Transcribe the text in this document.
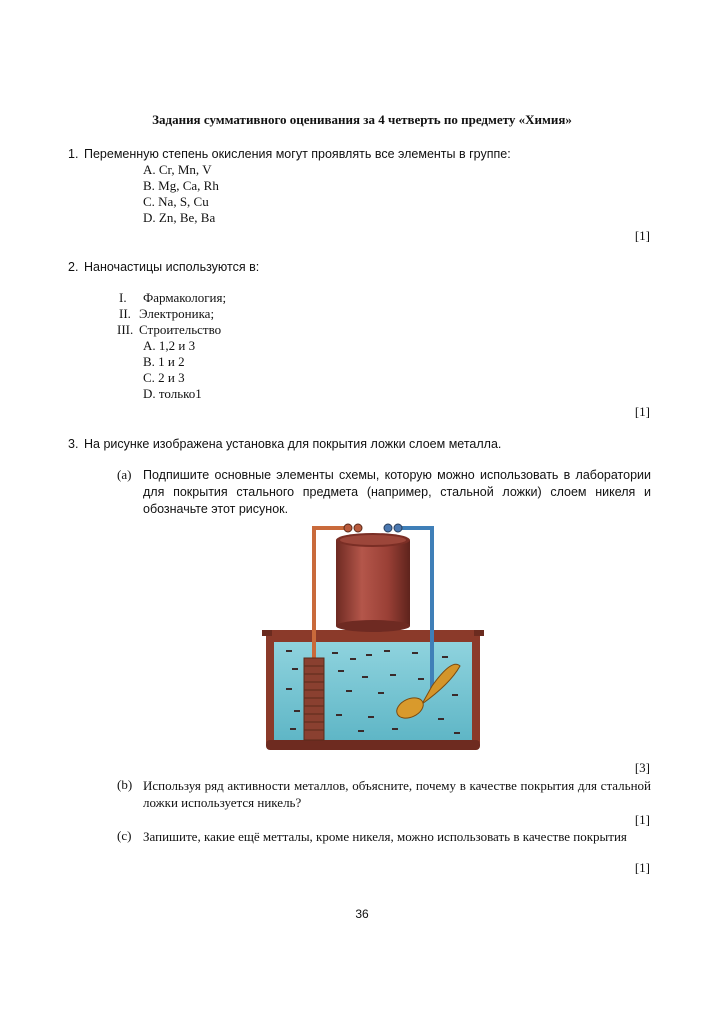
Задания суммативного оценивания за 4 четверть по предмету «Химия»
1. Переменную степень окисления могут проявлять все элементы в группе:
A. Cr, Mn, V
B. Mg, Ca, Rh
C. Na, S, Cu
D. Zn, Be, Ba
[1]
2. Наночастицы используются в:
I. Фармакология;
II. Электроника;
III. Строительство
A. 1,2 и 3
B. 1 и 2
C. 2 и 3
D. только1
[1]
3. На рисунке изображена установка для покрытия ложки слоем металла.
(a) Подпишите основные элементы схемы, которую можно использовать в лаборатории для покрытия стального предмета (например, стальной ложки) слоем никеля и обозначьте этот рисунок.
[3]
(b) Используя ряд активности металлов, объясните, почему в качестве покрытия для стальной ложки используется никель?
[1]
(c) Запишите, какие ещё метталы, кроме никеля, можно использовать в качестве покрытия
[1]
36
